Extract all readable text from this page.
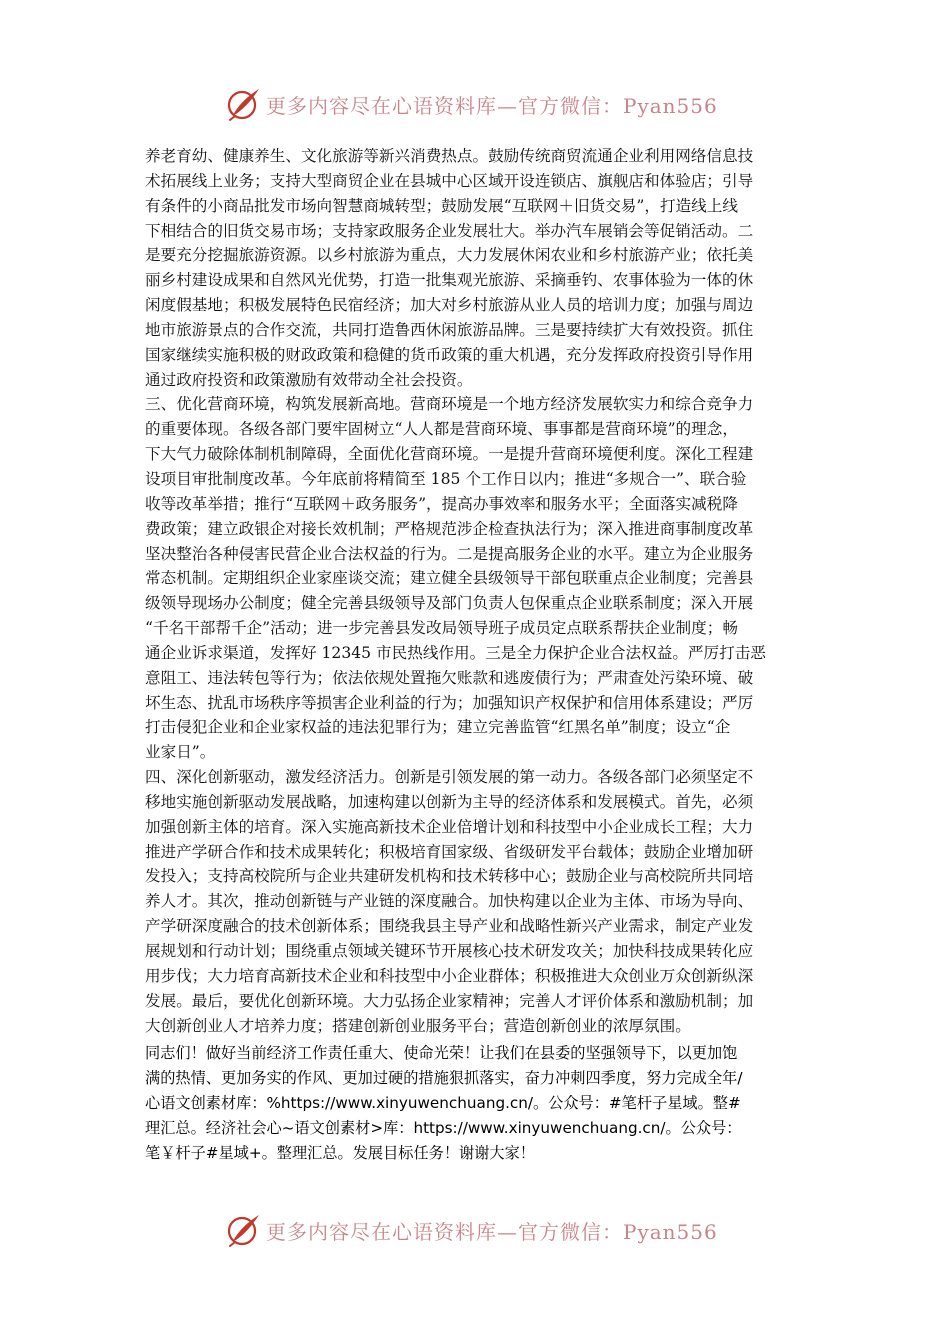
更多内容尽在心语资料库—官方微信：Pyan556
养老育幼、健康养生、文化旅游等新兴消费热点。鼓励传统商贸流通企业利用网络信息技
术拓展线上业务；支持大型商贸企业在县城中心区域开设连锁店、旗舰店和体验店；引导
有条件的小商品批发市场向智慧商城转型；鼓励发展“互联网＋旧货交易”，打造线上线
下相结合的旧货交易市场；支持家政服务企业发展壮大。举办汽车展销会等促销活动。二
是要充分挖掘旅游资源。以乡村旅游为重点，大力发展休闲农业和乡村旅游产业；依托美
丽乡村建设成果和自然风光优势，打造一批集观光旅游、采摘垂钓、农事体验为一体的休
闲度假基地；积极发展特色民宿经济；加大对乡村旅游从业人员的培训力度；加强与周边
地市旅游景点的合作交流，共同打造鲁西休闲旅游品牌。三是要持续扩大有效投资。抓住
国家继续实施积极的财政政策和稳健的货币政策的重大机遇，充分发挥政府投资引导作用
通过政府投资和政策激励有效带动全社会投资。
三、优化营商环境，构筑发展新高地。营商环境是一个地方经济发展软实力和综合竞争力
的重要体现。各级各部门要牢固树立“人人都是营商环境、事事都是营商环境”的理念，
下大气力破除体制机制障碍，全面优化营商环境。一是提升营商环境便利度。深化工程建
设项目审批制度改革。今年底前将精简至 185 个工作日以内；推进“多规合一”、联合验
收等改革举措；推行“互联网＋政务服务”，提高办事效率和服务水平；全面落实减税降
费政策；建立政银企对接长效机制；严格规范涉企检查执法行为；深入推进商事制度改革
坚决整治各种侵害民营企业合法权益的行为。二是提高服务企业的水平。建立为企业服务
常态机制。定期组织企业家座谈交流；建立健全县级领导干部包联重点企业制度；完善县
级领导现场办公制度；健全完善县级领导及部门负责人包保重点企业联系制度；深入开展
“千名干部帮千企”活动；进一步完善县发改局领导班子成员定点联系帮扶企业制度；畅
通企业诉求渠道，发挥好 12345 市民热线作用。三是全力保护企业合法权益。严厉打击恶
意阻工、违法转包等行为；依法依规处置拖欠账款和逃废债行为；严肃查处污染环境、破
坏生态、扰乱市场秩序等损害企业利益的行为；加强知识产权保护和信用体系建设；严厉
打击侵犯企业和企业家权益的违法犯罪行为；建立完善监管“红黑名单”制度；设立“企
业家日”。
四、深化创新驱动，激发经济活力。创新是引领发展的第一动力。各级各部门必须坚定不
移地实施创新驱动发展战略，加速构建以创新为主导的经济体系和发展模式。首先，必须
加强创新主体的培育。深入实施高新技术企业倍增计划和科技型中小企业成长工程；大力
推进产学研合作和技术成果转化；积极培育国家级、省级研发平台载体；鼓励企业增加研
发投入；支持高校院所与企业共建研发机构和技术转移中心；鼓励企业与高校院所共同培
养人才。其次，推动创新链与产业链的深度融合。加快构建以企业为主体、市场为导向、
产学研深度融合的技术创新体系；围绕我县主导产业和战略性新兴产业需求，制定产业发
展规划和行动计划；围绕重点领域关键环节开展核心技术研发攻关；加快科技成果转化应
用步伐；大力培育高新技术企业和科技型中小企业群体；积极推进大众创业万众创新纵深
发展。最后，要优化创新环境。大力弘扬企业家精神；完善人才评价体系和激励机制；加
大创新创业人才培养力度；搭建创新创业服务平台；营造创新创业的浓厚氛围。
同志们！做好当前经济工作责任重大、使命光荣！让我们在县委的坚强领导下，以更加饱
满的热情、更加务实的作风、更加过硬的措施狠抓落实，奋力冲刺四季度，努力完成全年/
心语文创素材库：%https://www.xinyuwenchuang.cn/。公众号：#笔杆子星域。整#
理汇总。经济社会心~语文创素材>库：https://www.xinyuwenchuang.cn/。公众号：
笔￥杆子#星域+。整理汇总。发展目标任务！谢谢大家！
更多内容尽在心语资料库—官方微信：Pyan556
